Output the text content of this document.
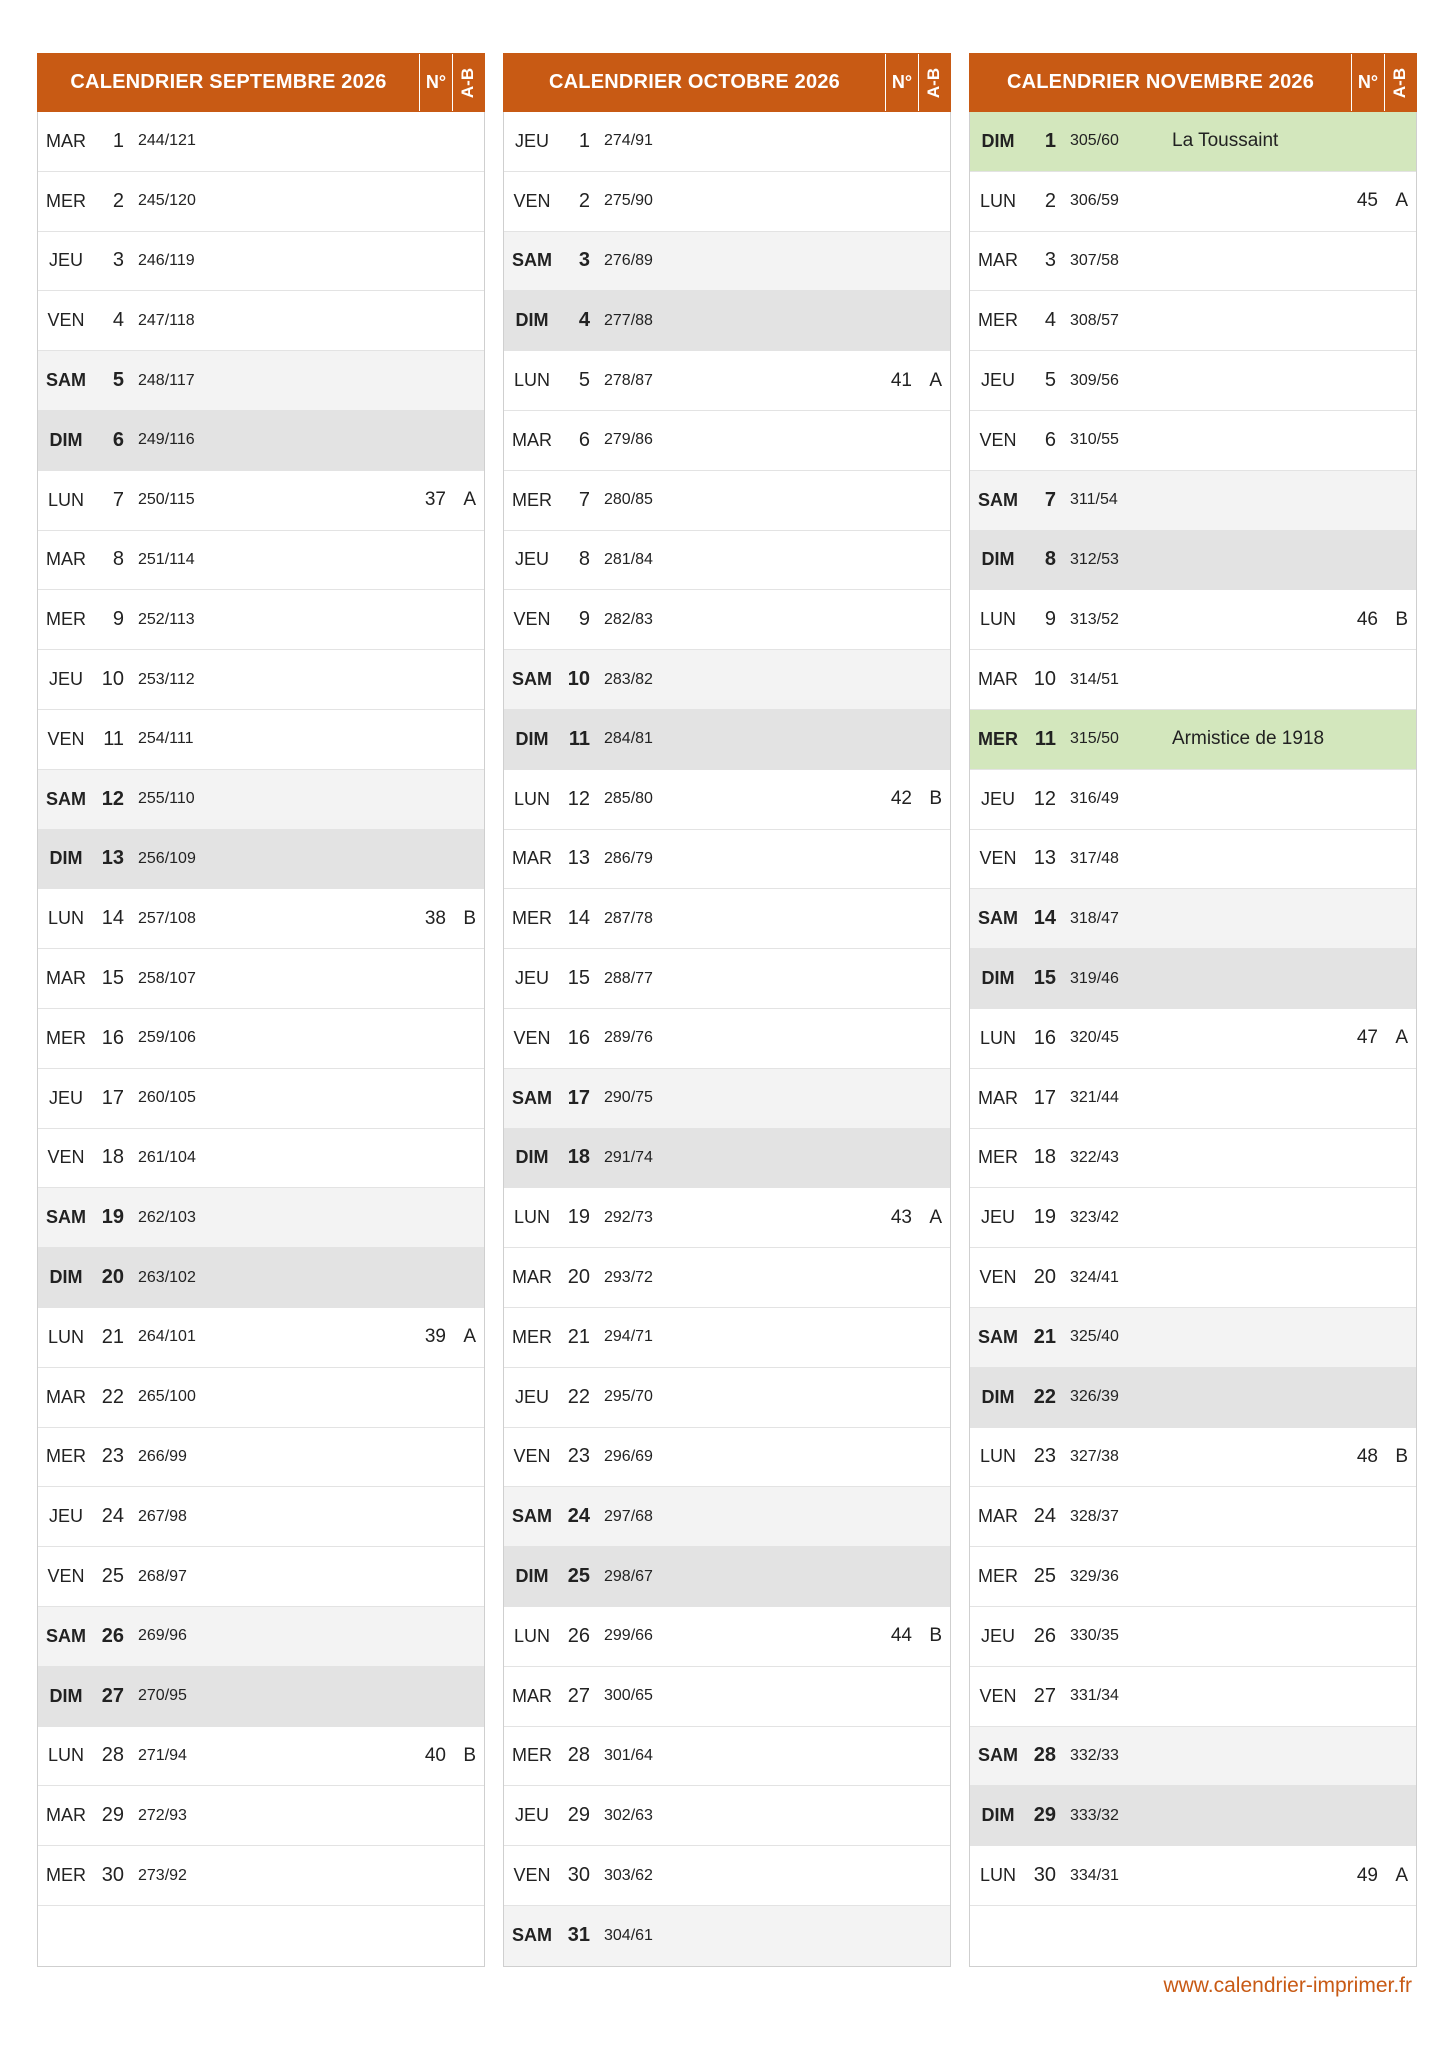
CALENDRIER SEPTEMBRE 2026	N° A-B
MAR	1 244/121
MER	2 245/120
JEU	3 246/119
VEN	4 247/118
SAM	5 248/117
DIM	6 249/116
LUN	7 250/115	37 A
MAR	8 251/114
MER	9 252/113
JEU 10 253/112
VEN 11 254/111
SAM 12 255/110
DIM 13 256/109
LUN 14 257/108	38 B
MAR 15 258/107
MER 16 259/106
JEU 17 260/105
VEN 18 261/104
SAM 19 262/103
DIM 20 263/102
LUN 21 264/101	39 A
MAR 22 265/100
MER 23 266/99
JEU 24 267/98
VEN 25 268/97
SAM 26 269/96
DIM 27 270/95
LUN 28 271/94	40 B
MAR 29 272/93
MER 30 273/92
CALENDRIER OCTOBRE 2026	N° A-B
JEU	1 274/91
VEN	2 275/90
SAM	3 276/89
DIM	4 277/88
LUN	5 278/87	41 A
MAR	6 279/86
MER	7 280/85
JEU	8 281/84
VEN	9 282/83
SAM 10 283/82
DIM	11 284/81
LUN 12 285/80	42 B
MAR 13 286/79
MER 14 287/78
JEU 15 288/77
VEN 16 289/76
SAM 17 290/75
DIM 18 291/74
LUN 19 292/73	43 A
MAR 20 293/72
MER 21 294/71
JEU 22 295/70
VEN 23 296/69
SAM 24 297/68
DIM 25 298/67
LUN 26 299/66	44 B
MAR 27 300/65
MER 28 301/64
JEU 29 302/63
VEN 30 303/62
SAM 31 304/61
CALENDRIER NOVEMBRE 2026	N° A-B
DIM	1 305/60	La Toussaint
LUN	2 306/59	45 A
MAR	3 307/58
MER	4 308/57
JEU	5 309/56
VEN	6 310/55
SAM	7 311/54
DIM	8 312/53
LUN	9 313/52	46 B
MAR 10 314/51
MER 11 315/50	Armistice de 1918
JEU 12 316/49
VEN 13 317/48
SAM 14 318/47
DIM 15 319/46
LUN 16 320/45	47 A
MAR 17 321/44
MER 18 322/43
JEU 19 323/42
VEN 20 324/41
SAM 21 325/40
DIM 22 326/39
LUN 23 327/38	48 B
MAR 24 328/37
MER 25 329/36
JEU 26 330/35
VEN 27 331/34
SAM 28 332/33
DIM 29 333/32
LUN 30 334/31	49 A
www.calendrier-imprimer.fr
